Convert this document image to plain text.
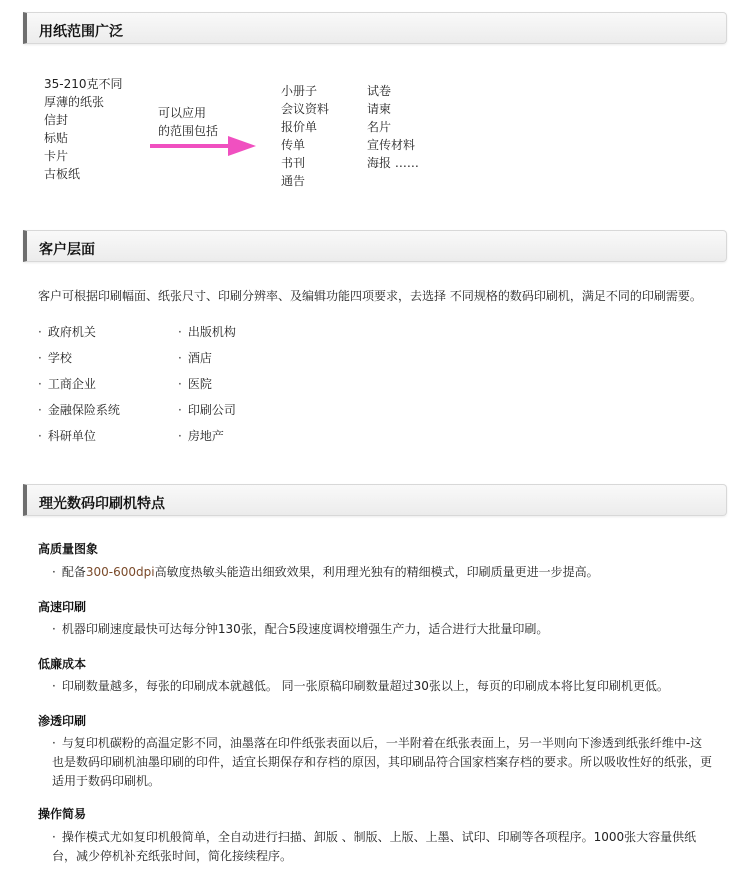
用纸范围广泛
35-210克不同
厚薄的纸张
信封
标贴
卡片
古板纸
可以应用
的范围包括
小册子
会议资料
报价单
传单
书刊
通告
试卷
请柬
名片
宣传材料
海报 ……
客户层面
客户可根据印刷幅面、纸张尺寸、印刷分辨率、及编辑功能四项要求，去选择 不同规格的数码印刷机，满足不同的印刷需要。
· 政府机关
· 学校
· 工商企业
· 金融保险系统
· 科研单位
· 出版机构
· 酒店
· 医院
· 印刷公司
· 房地产
理光数码印刷机特点
高质量图象
· 配备300-600dpi高敏度热敏头能造出细致效果，利用理光独有的精细模式，印刷质量更进一步提高。
高速印刷
· 机器印刷速度最快可达每分钟130张，配合5段速度调校增强生产力，适合进行大批量印刷。
低廉成本
· 印刷数量越多，每张的印刷成本就越低。 同一张原稿印刷数量超过30张以上，每页的印刷成本将比复印刷机更低。
渗透印刷
· 与复印机碳粉的高温定影不同，油墨落在印件纸张表面以后，一半附着在纸张表面上，另一半则向下渗透到纸张纤维中-这也是数码印刷机油墨印刷的印件，适宜长期保存和存档的原因，其印刷品符合国家档案存档的要求。所以吸收性好的纸张，更适用于数码印刷机。
操作简易
· 操作模式尤如复印机般简单，全自动进行扫描、卸版 、制版、上版、上墨、试印、印刷等各项程序。1000张大容量供纸台，减少停机补充纸张时间，简化接续程序。
